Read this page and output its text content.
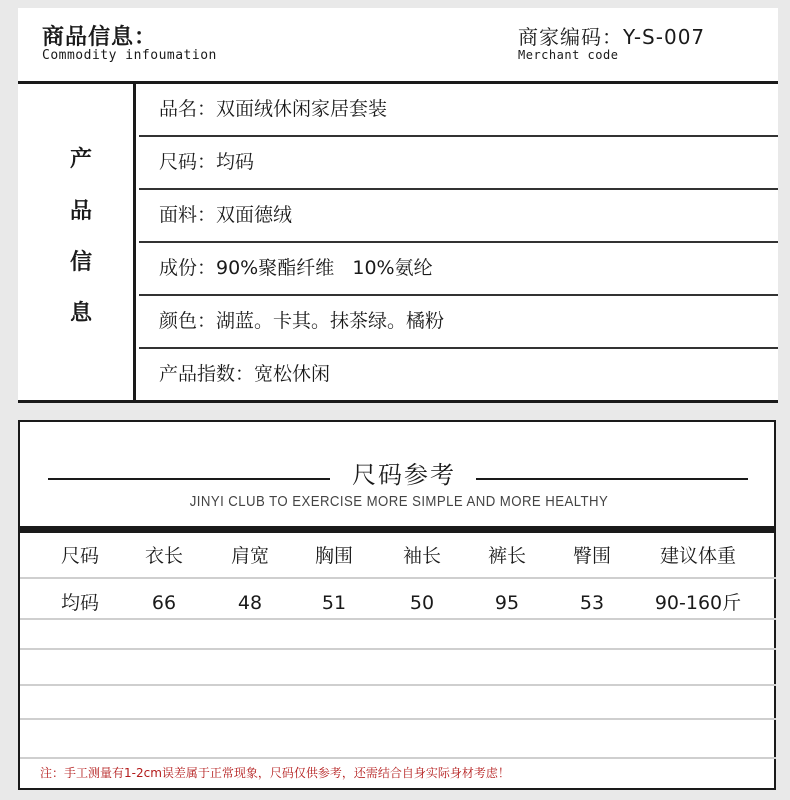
商品信息：
Commodity infoumation
商家编码：Y-S-007
Merchant code
产
品
信
息
品名：双面绒休闲家居套装
尺码：均码
面料：双面德绒
成份：90%聚酯纤维   10%氨纶
颜色：湖蓝。卡其。抹茶绿。橘粉
产品指数：宽松休闲
尺码参考
JINYI CLUB TO EXERCISE MORE SIMPLE AND MORE HEALTHY
尺码	衣长	肩宽	胸围	袖长	裤长	臀围	建议体重
均码	66	48	51	50	95	53	90-160斤
注：手工测量有1-2cm误差属于正常现象，尺码仅供参考，还需结合自身实际身材考虑！
